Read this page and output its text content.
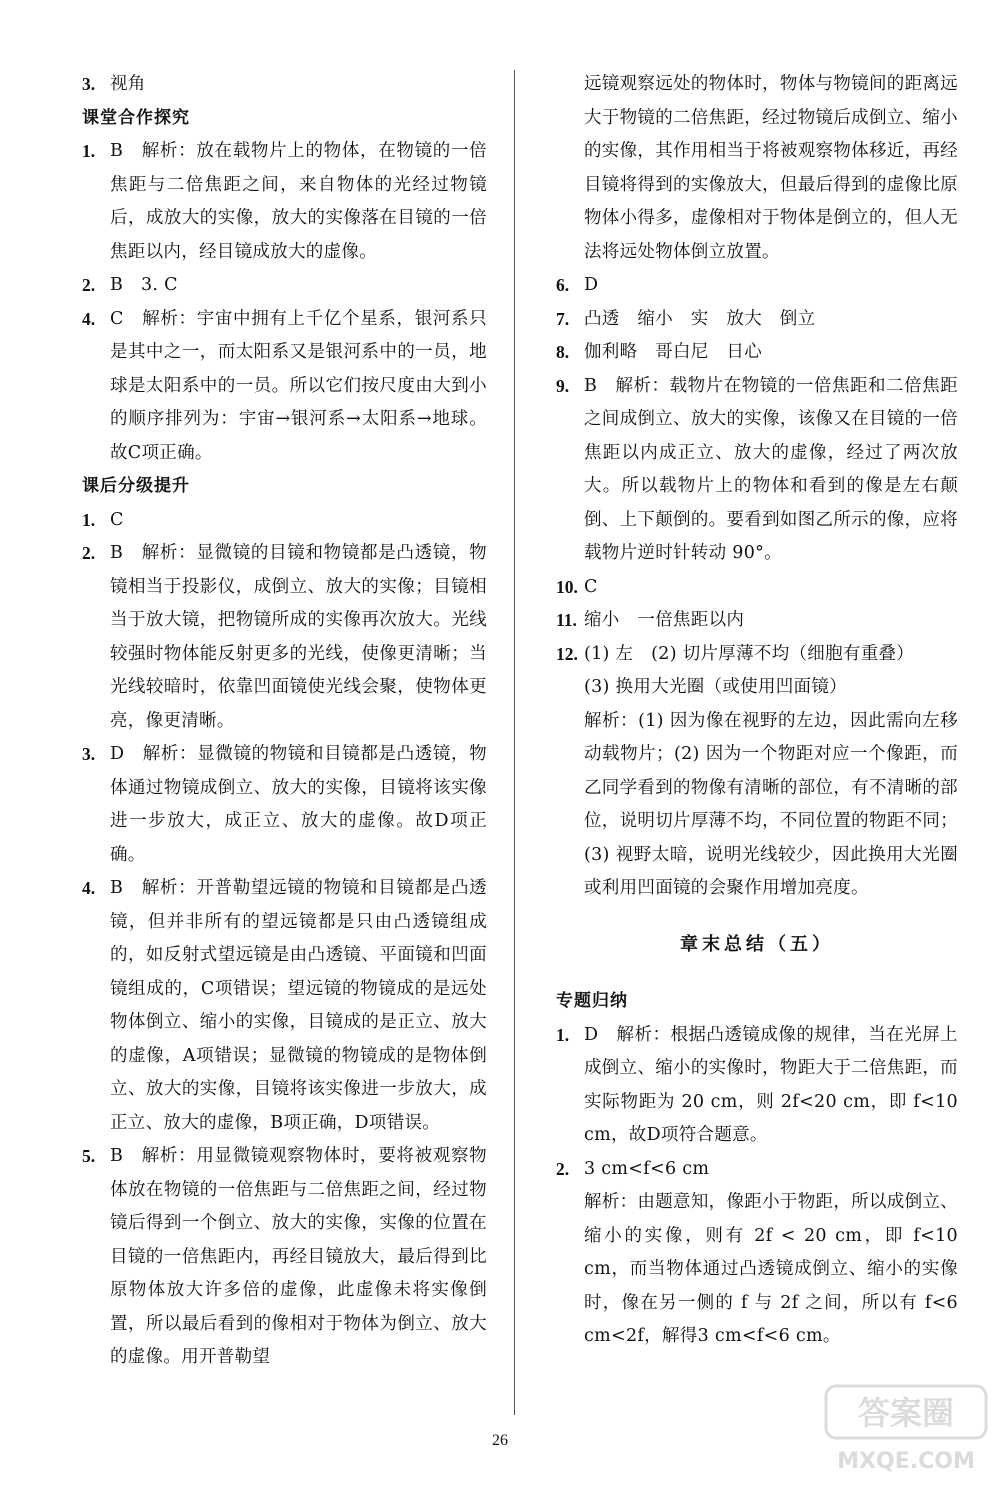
3. 视角
课堂合作探究
1. B　解析：放在载物片上的物体，在物镜的一倍焦距与二倍焦距之间，来自物体的光经过物镜后，成放大的实像，放大的实像落在目镜的一倍焦距以内，经目镜成放大的虚像。
2. B　3. C
4. C　解析：宇宙中拥有上千亿个星系，银河系只是其中之一，而太阳系又是银河系中的一员，地球是太阳系中的一员。所以它们按尺度由大到小的顺序排列为：宇宙→银河系→太阳系→地球。故C项正确。
课后分级提升
1. C
2. B　解析：显微镜的目镜和物镜都是凸透镜，物镜相当于投影仪，成倒立、放大的实像；目镜相当于放大镜，把物镜所成的实像再次放大。光线较强时物体能反射更多的光线，使像更清晰；当光线较暗时，依靠凹面镜使光线会聚，使物体更亮，像更清晰。
3. D　解析：显微镜的物镜和目镜都是凸透镜，物体通过物镜成倒立、放大的实像，目镜将该实像进一步放大，成正立、放大的虚像。故D项正确。
4. B　解析：开普勒望远镜的物镜和目镜都是凸透镜，但并非所有的望远镜都是只由凸透镜组成的，如反射式望远镜是由凸透镜、平面镜和凹面镜组成的，C项错误；望远镜的物镜成的是远处物体倒立、缩小的实像，目镜成的是正立、放大的虚像，A项错误；显微镜的物镜成的是物体倒立、放大的实像，目镜将该实像进一步放大，成正立、放大的虚像，B项正确，D项错误。
5. B　解析：用显微镜观察物体时，要将被观察物体放在物镜的一倍焦距与二倍焦距之间，经过物镜后得到一个倒立、放大的实像，实像的位置在目镜的一倍焦距内，再经目镜放大，最后得到比原物体放大许多倍的虚像，此虚像未将实像倒置，所以最后看到的像相对于物体为倒立、放大的虚像。用开普勒望
远镜观察远处的物体时，物体与物镜间的距离远大于物镜的二倍焦距，经过物镜后成倒立、缩小的实像，其作用相当于将被观察物体移近，再经目镜将得到的实像放大，但最后得到的虚像比原物体小得多，虚像相对于物体是倒立的，但人无法将远处物体倒立放置。
6. D
7. 凸透　缩小　实　放大　倒立
8. 伽利略　哥白尼　日心
9. B　解析：载物片在物镜的一倍焦距和二倍焦距之间成倒立、放大的实像，该像又在目镜的一倍焦距以内成正立、放大的虚像，经过了两次放大。所以载物片上的物体和看到的像是左右颠倒、上下颠倒的。要看到如图乙所示的像，应将载物片逆时针转动 90°。
10. C
11. 缩小　一倍焦距以内
12. (1) 左　(2) 切片厚薄不均（细胞有重叠）
(3) 换用大光圈（或使用凹面镜）
解析：(1) 因为像在视野的左边，因此需向左移动载物片；(2) 因为一个物距对应一个像距，而乙同学看到的物像有清晰的部位，有不清晰的部位，说明切片厚薄不均，不同位置的物距不同；(3) 视野太暗，说明光线较少，因此换用大光圈或利用凹面镜的会聚作用增加亮度。
章末总结（五）
专题归纳
1. D　解析：根据凸透镜成像的规律，当在光屏上成倒立、缩小的实像时，物距大于二倍焦距，而实际物距为 20 cm，则 2f<20 cm，即 f<10 cm，故D项符合题意。
2. 3 cm<f<6 cm
解析：由题意知，像距小于物距，所以成倒立、缩小的实像，则有 2f < 20 cm，即 f<10 cm，而当物体通过凸透镜成倒立、缩小的实像时，像在另一侧的 f 与 2f 之间，所以有 f<6 cm<2f，解得3 cm<f<6 cm。
26
答案圈
MXQE.COM
